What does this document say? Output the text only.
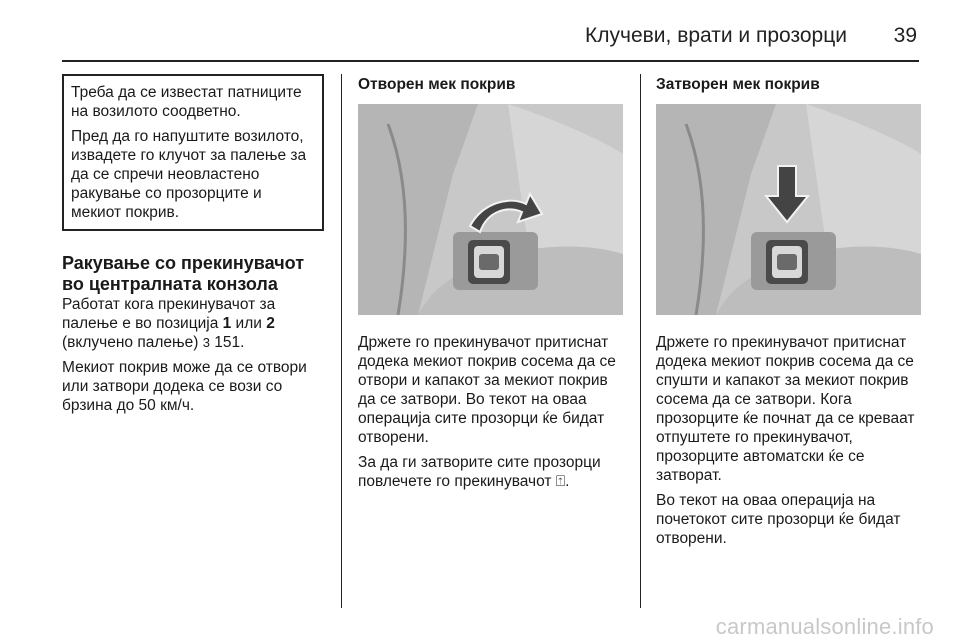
Клучеви, врати и прозорци 39

Треба да се известат патниците на возилото соодветно.

Пред да го напуштите возилото, извадете го клучот за палење за да се спречи неовластено ракување со прозорците и мекиот покрив.

Ракување со прекинувачот во централната конзола

Работат кога прекинувачот за палење е во позиција 1 или 2 (вклучено палење) 3 151.

Мекиот покрив може да се отвори или затвори додека се вози со брзина до 50 км/ч.

Отворен мек покрив

Држете го прекинувачот притиснат додека мекиот покрив сосема да се отвори и капакот за мекиот покрив да се затвори. Во текот на оваа операција сите прозорци ќе бидат отворени.

За да ги затворите сите прозорци повлечете го прекинувачот ⍐.

Затворен мек покрив

Држете го прекинувачот притиснат додека мекиот покрив сосема да се спушти и капакот за мекиот покрив сосема да се затвори. Кога прозорците ќе почнат да се креваат отпуштете го прекинувачот, прозорците автоматски ќе се затворат.

Во текот на оваа операција на почетокот сите прозорци ќе бидат отворени.

carmanualsonline.info
